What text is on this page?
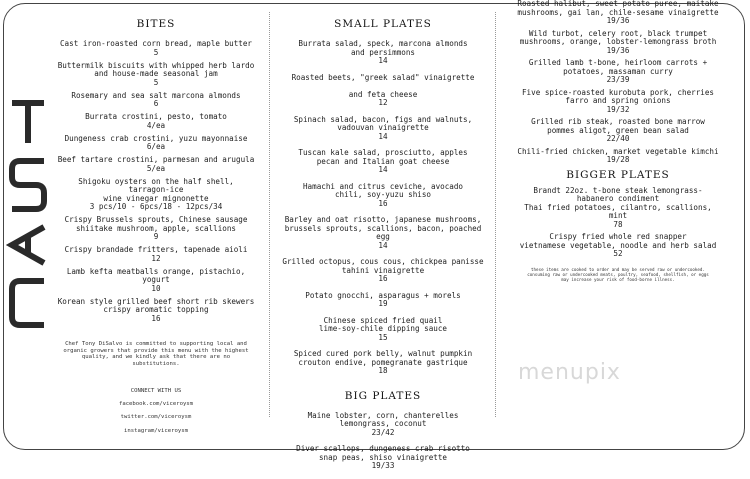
BITES
Cast iron-roasted corn bread, maple butter
5
Buttermilk biscuits with whipped herb lardo
and house-made seasonal jam
5
Rosemary and sea salt marcona almonds
6
Burrata crostini, pesto, tomato
4/ea
Dungeness crab crostini, yuzu mayonnaise
6/ea
Beef tartare crostini, parmesan and arugula
5/ea
Shigoku oysters on the half shell,
tarragon-ice
wine vinegar mignonette
3 pcs/10 - 6pcs/18 - 12pcs/34
Crispy Brussels sprouts, Chinese sausage
shiitake mushroom, apple, scallions
9
Crispy brandade fritters, tapenade aioli
12
Lamb kefta meatballs orange, pistachio,
yogurt
10
Korean style grilled beef short rib skewers
crispy aromatic topping
16
Chef Tony DiSalvo is committed to supporting local and
organic growers that provide this menu with the highest
quality, and we kindly ask that there are no
substitutions.

CONNECT WITH US

facebook.com/viceroysm

twitter.com/viceroysm

instagram/viceroysm

SMALL PLATES
Burrata salad, speck, marcona almonds
and persimmons
14
Roasted beets, "greek salad" vinaigrette

and feta cheese
12
Spinach salad, bacon, figs and walnuts,
vadouvan vinaigrette
14
Tuscan kale salad, prosciutto, apples
pecan and Italian goat cheese
14
Hamachi and citrus ceviche, avocado
chili, soy-yuzu shiso
16
Barley and oat risotto, japanese mushrooms,
brussels sprouts, scallions, bacon, poached
egg
14
Grilled octopus, cous cous, chickpea panisse
tahini vinaigrette
16
Potato gnocchi, asparagus + morels
19
Chinese spiced fried quail
lime-soy-chile dipping sauce
15
Spiced cured pork belly, walnut pumpkin
crouton endive, pomegranate gastrique
18
BIG PLATES
Maine lobster, corn, chanterelles
lemongrass, coconut
23/42
Diver scallops, dungeness crab risotto
snap peas, shiso vinaigrette
19/33
Roasted halibut, sweet potato puree, maitake
mushrooms, gai lan, chile-sesame vinaigrette
19/36
Wild turbot, celery root, black trumpet
mushrooms, orange, lobster-lemongrass broth
19/36
Grilled lamb t-bone, heirloom carrots +
potatoes, massaman curry
23/39
Five spice-roasted kurobuta pork, cherries
farro and spring onions
19/32
Grilled rib steak, roasted bone marrow
pommes aligot, green bean salad
22/40
Chili-fried chicken, market vegetable kimchi
19/28
BIGGER PLATES
Brandt 22oz. t-bone steak lemongrass-
habanero condiment
Thai fried potatoes, cilantro, scallions,
mint
78
Crispy fried whole red snapper
vietnamese vegetable, noodle and herb salad
52
these items are cooked to order and may be served raw or undercooked.
consuming raw or undercooked meats, poultry, seafood, shellfish, or eggs
may increase your risk of food-borne illness.
menupix
